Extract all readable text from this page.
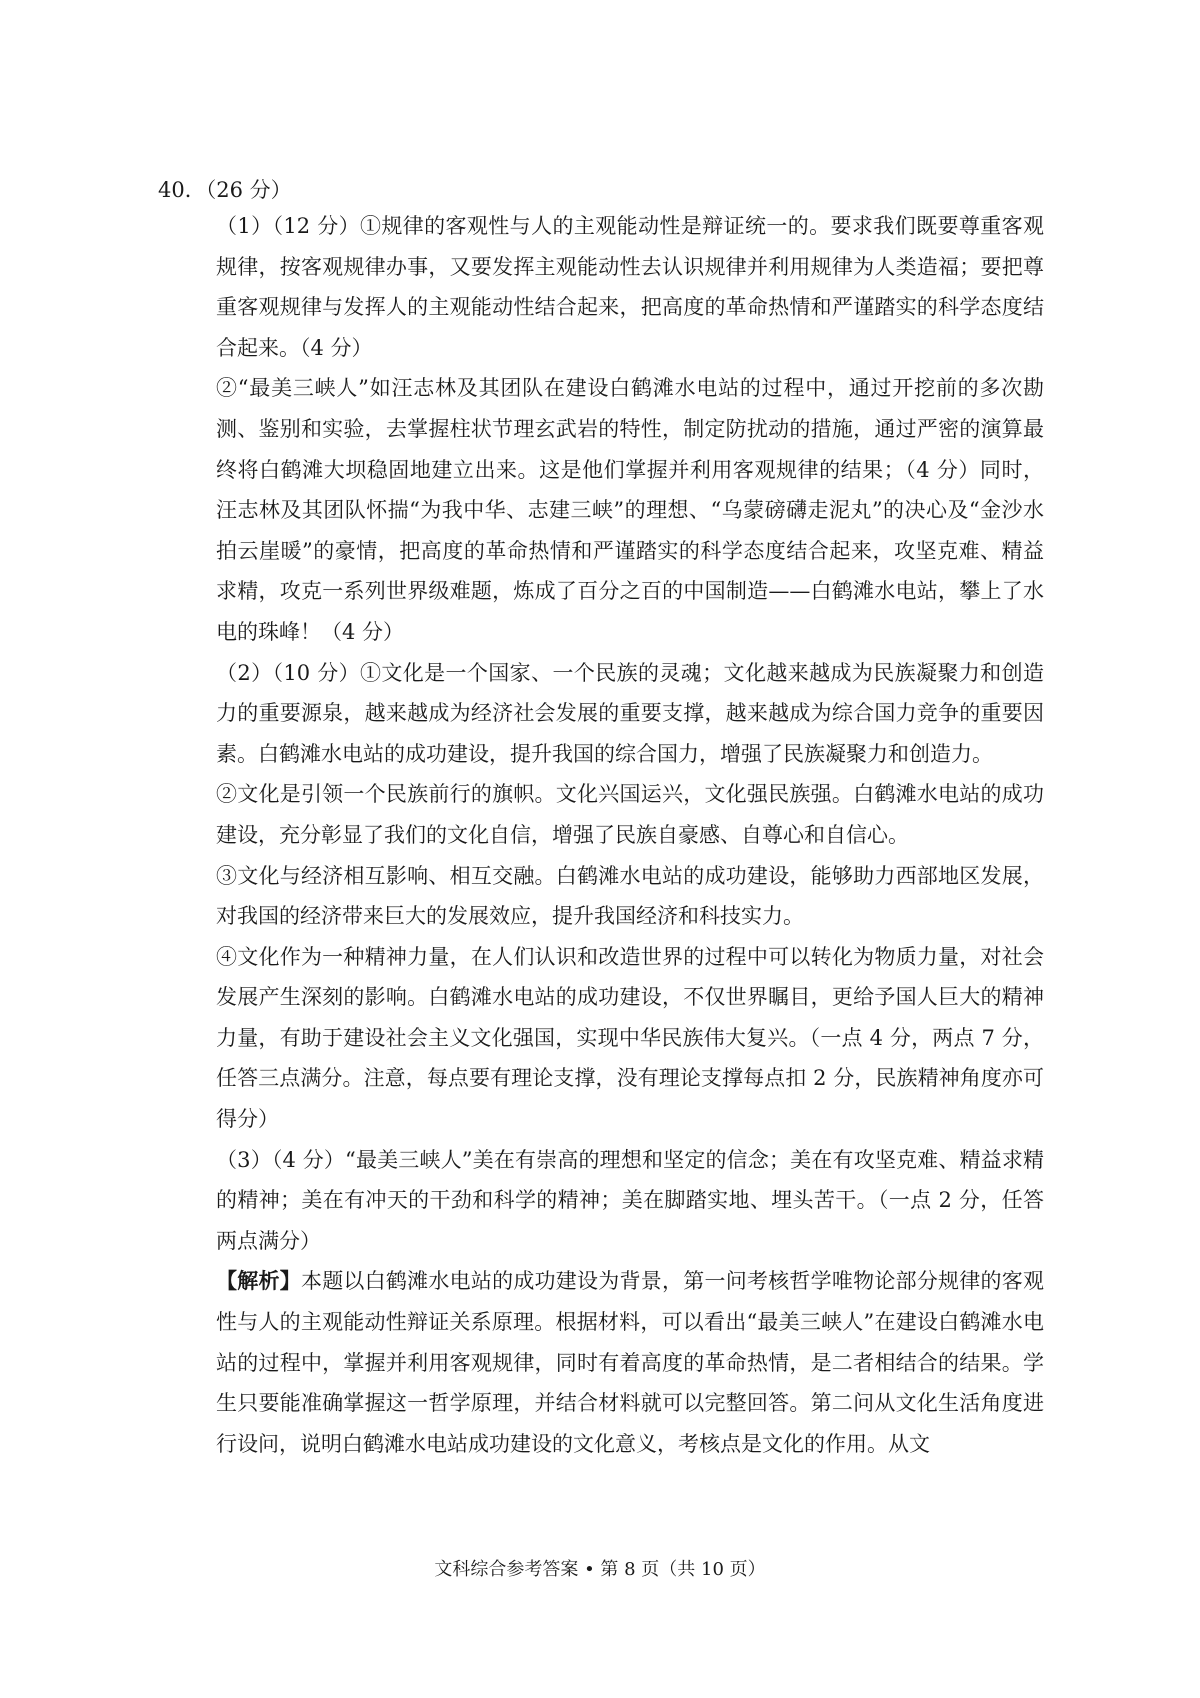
40．（26 分）

（1）（12 分）①规律的客观性与人的主观能动性是辩证统一的。要求我们既要尊重客观规律，按客观规律办事，又要发挥主观能动性去认识规律并利用规律为人类造福；要把尊重客观规律与发挥人的主观能动性结合起来，把高度的革命热情和严谨踏实的科学态度结合起来。（4 分）

②“最美三峡人”如汪志林及其团队在建设白鹤滩水电站的过程中，通过开挖前的多次勘测、鉴别和实验，去掌握柱状节理玄武岩的特性，制定防扰动的措施，通过严密的演算最终将白鹤滩大坝稳固地建立出来。这是他们掌握并利用客观规律的结果；（4 分）同时，汪志林及其团队怀揣“为我中华、志建三峡”的理想、“乌蒙磅礴走泥丸”的决心及“金沙水拍云崖暖”的豪情，把高度的革命热情和严谨踏实的科学态度结合起来，攻坚克难、精益求精，攻克一系列世界级难题，炼成了百分之百的中国制造——白鹤滩水电站，攀上了水电的珠峰！（4 分）

（2）（10 分）①文化是一个国家、一个民族的灵魂；文化越来越成为民族凝聚力和创造力的重要源泉，越来越成为经济社会发展的重要支撑，越来越成为综合国力竞争的重要因素。白鹤滩水电站的成功建设，提升我国的综合国力，增强了民族凝聚力和创造力。

②文化是引领一个民族前行的旗帜。文化兴国运兴，文化强民族强。白鹤滩水电站的成功建设，充分彰显了我们的文化自信，增强了民族自豪感、自尊心和自信心。

③文化与经济相互影响、相互交融。白鹤滩水电站的成功建设，能够助力西部地区发展，对我国的经济带来巨大的发展效应，提升我国经济和科技实力。

④文化作为一种精神力量，在人们认识和改造世界的过程中可以转化为物质力量，对社会发展产生深刻的影响。白鹤滩水电站的成功建设，不仅世界瞩目，更给予国人巨大的精神力量，有助于建设社会主义文化强国，实现中华民族伟大复兴。（一点 4 分，两点 7 分，任答三点满分。注意，每点要有理论支撑，没有理论支撑每点扣 2 分，民族精神角度亦可得分）

（3）（4 分）“最美三峡人”美在有崇高的理想和坚定的信念；美在有攻坚克难、精益求精的精神；美在有冲天的干劲和科学的精神；美在脚踏实地、埋头苦干。（一点 2 分，任答两点满分）

【解析】本题以白鹤滩水电站的成功建设为背景，第一问考核哲学唯物论部分规律的客观性与人的主观能动性辩证关系原理。根据材料，可以看出“最美三峡人”在建设白鹤滩水电站的过程中，掌握并利用客观规律，同时有着高度的革命热情，是二者相结合的结果。学生只要能准确掌握这一哲学原理，并结合材料就可以完整回答。第二问从文化生活角度进行设问，说明白鹤滩水电站成功建设的文化意义，考核点是文化的作用。从文

文科综合参考答案 • 第 8 页（共 10 页）
